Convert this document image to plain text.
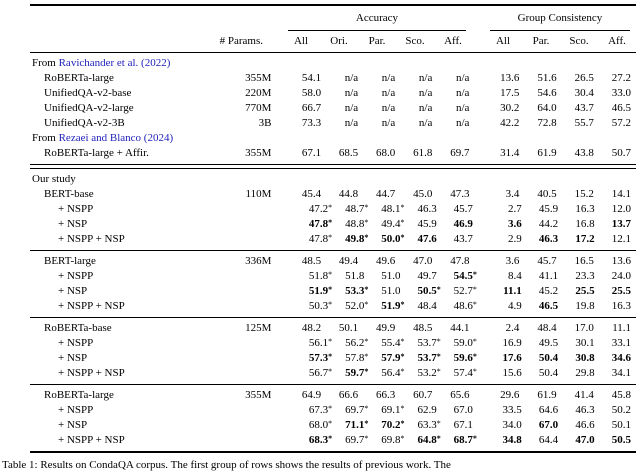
Accuracy	Group Consistency
# Params.	All	Ori.	Par.	Sco.	Aff.	All	Par.	Sco.	Aff.
From Ravichander et al. (2022)
RoBERTa-large	355M	54.1 n/a n/a n/a n/a	13.6	51.6	26.5	27.2
UnifiedQA-v2-base	220M	58.0 n/a n/a n/a n/a	17.5	54.6	30.4	33.0
UnifiedQA-v2-large	770M	66.7 n/a n/a n/a n/a	30.2	64.0	43.7	46.5
UnifiedQA-v2-3B	3B	73.3 n/a n/a n/a n/a	42.2	72.8	55.7	57.2
From Rezaei and Blanco (2024)
RoBERTa-large + Affir.	355M	67.1 68.5 68.0 61.8 69.7	31.4	61.9	43.8	50.7
Our study
BERT-base	110M	45.4 44.8 44.7 45.0 47.3	3.4	40.5	15.2	14.1
+ NSPP	47.2 * 48.7 * 48.1 * 46.3 45.7	2.7	45.9	16.3	12.0
+ NSP	47.8 * 48.8 * 49.4 * 45.9 46.9	3.6	44.2	16.8	13.7
+ NSPP + NSP	47.8 * 49.8 * 50.0 * 47.6 43.7	2.9	46.3	17.2	12.1
BERT-large	336M	48.5 49.4 49.6 47.0 47.8	3.6	45.7	16.5	13.6
+ NSPP	51.8 * 51.8 51.0 49.7 54.5 *	8.4	41.1	23.3	24.0
+ NSP	51.9 * 53.3 * 51.0 50.5 * 52.7 *	11.1	45.2	25.5	25.5
+ NSPP + NSP	50.3 * 52.0 * 51.9 * 48.4 48.6 *	4.9	46.5	19.8	16.3
RoBERTa-base	125M	48.2 50.1 49.9 48.5 44.1	2.4	48.4	17.0	11.1
+ NSPP	56.1 * 56.2 * 55.4 * 53.7 * 59.0 *	16.9	49.5	30.1	33.1
+ NSP	57.3 * 57.8 * 57.9 * 53.7 * 59.6 *	17.6	50.4	30.8	34.6
+ NSPP + NSP	56.7 * 59.7 * 56.4 * 53.2 * 57.4 *	15.6	50.4	29.8	34.1
RoBERTa-large	355M	64.9 66.6 66.3 60.7 65.6	29.6	61.9	41.4	45.8
+ NSPP	67.3 * 69.7 * 69.1 * 62.9 67.0	33.5	64.6	46.3	50.2
+ NSP	68.0 * 71.1 * 70.2 * 63.3 * 67.1	34.0	67.0	46.6	50.1
+ NSPP + NSP	68.3 * 69.7 * 69.8 * 64.8 * 68.7 *	34.8	64.4	47.0	50.5
Table 1: Results on CondaQA corpus. The first group of rows shows the results of previous work. The
